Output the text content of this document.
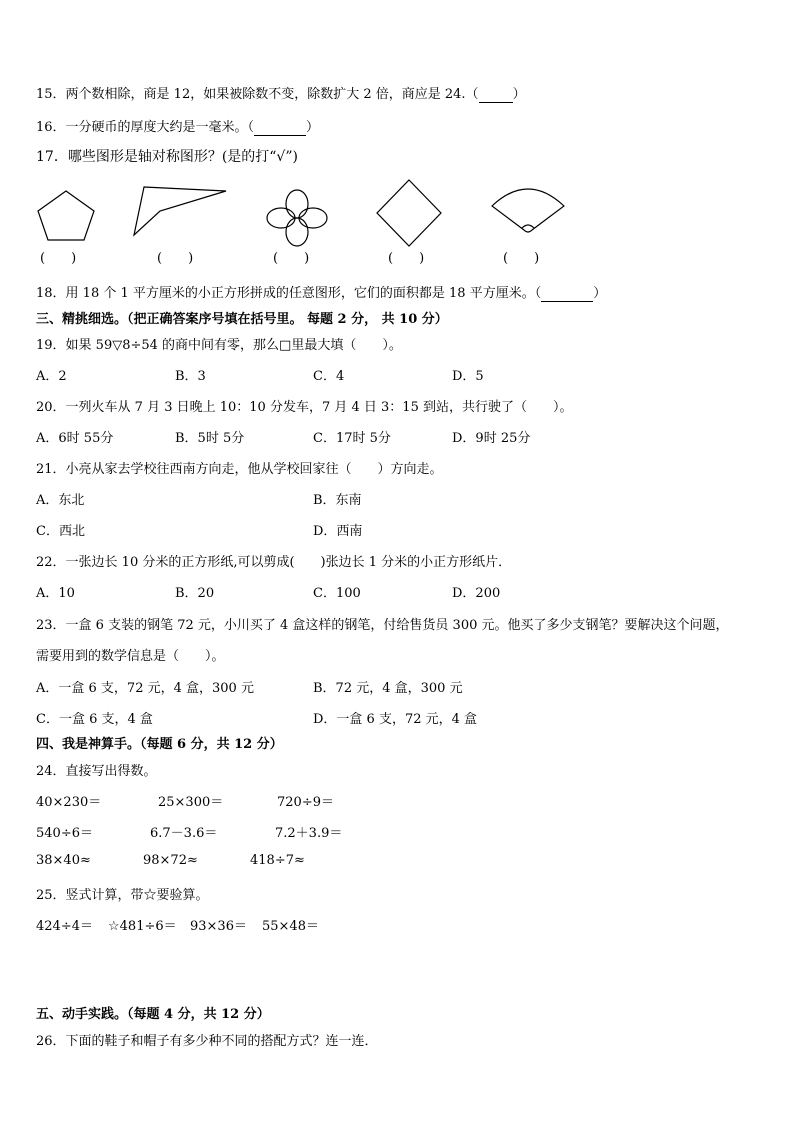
15．两个数相除，商是 12，如果被除数不变，除数扩大 2 倍，商应是 24.（	）
16．一分硬币的厚度大约是一毫米。（	）
17．哪些图形是轴对称图形？(是的打“√”)
(　　)	(　　)	(　　)	(　　)	(　　)
18．用 18 个 1 平方厘米的小正方形拼成的任意图形，它们的面积都是 18 平方厘米。（	）
三、精挑细选。（把正确答案序号填在括号里。 每题 2 分， 共 10 分）
19．如果 59▽8÷54 的商中间有零，那么□里最大填（　　）。
A．2	B．3	C．4	D．5
20．一列火车从 7 月 3 日晚上 10：10 分发车，7 月 4 日 3：15 到站，共行驶了（　　）。
A．6时 55分	B．5时 5分	C．17时 5分	D．9时 25分
21．小亮从家去学校往西南方向走，他从学校回家往（　　）方向走。
A．东北	B．东南
C．西北	D．西南
22．一张边长 10 分米的正方形纸,可以剪成(　　)张边长 1 分米的小正方形纸片．
A．10	B．20	C．100	D．200
23．一盒 6 支装的钢笔 72 元，小川买了 4 盒这样的钢笔，付给售货员 300 元。他买了多少支钢笔？要解决这个问题，
需要用到的数学信息是（　　）。
A．一盒 6 支，72 元，4 盒，300 元	B．72 元，4 盒，300 元
C．一盒 6 支，4 盒	D．一盒 6 支，72 元，4 盒
四、我是神算手。（每题 6 分，共 12 分）
24．直接写出得数。
40×230＝	25×300＝	720÷9＝
540÷6＝	6.7－3.6＝	7.2＋3.9＝
38×40≈	98×72≈	418÷7≈
25．竖式计算，带☆要验算。
424÷4＝ ☆481÷6＝ 93×36＝ 55×48＝
五、动手实践。（每题 4 分，共 12 分）
26．下面的鞋子和帽子有多少种不同的搭配方式？连一连．
